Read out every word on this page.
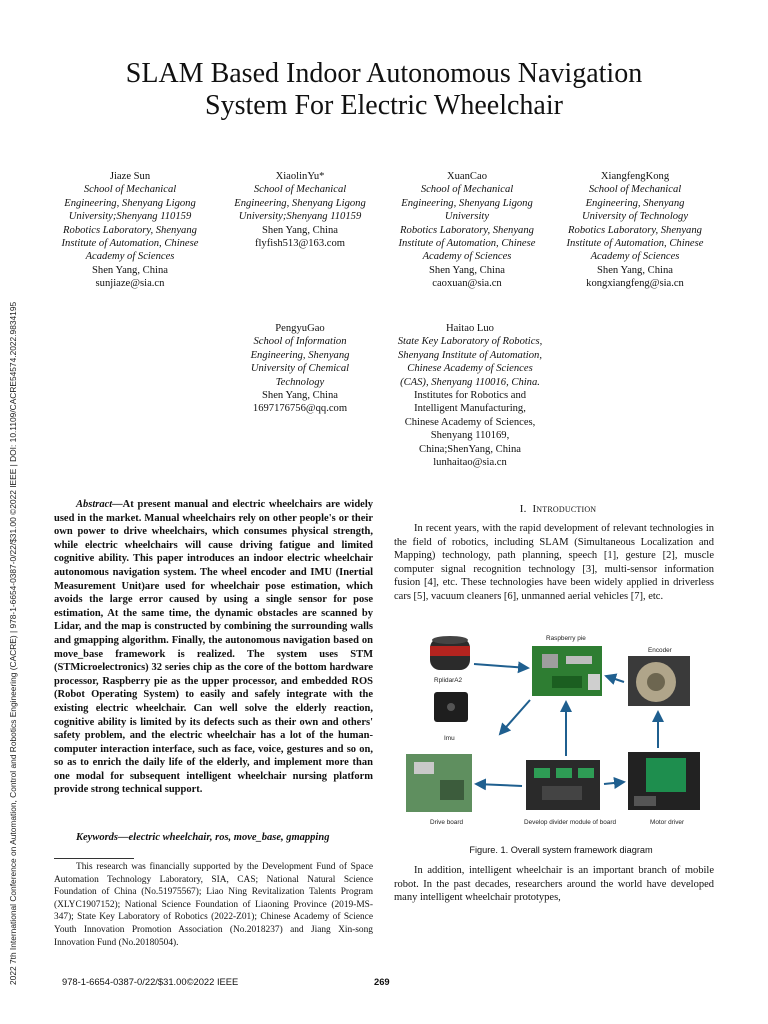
2022 7th International Conference on Automation, Control and Robotics Engineering (CACRE) | 978-1-6654-0387-0/22/$31.00 ©2022 IEEE | DOI: 10.1109/CACRE54574.2022.9834195
SLAM Based Indoor Autonomous Navigation
System For Electric Wheelchair
Jiaze Sun
School of Mechanical
Engineering, Shenyang Ligong
University;Shenyang 110159
Robotics Laboratory, Shenyang
Institute of Automation, Chinese
Academy of Sciences
Shen Yang, China
sunjiaze@sia.cn
XiaolinYu*
School of Mechanical
Engineering, Shenyang Ligong
University;Shenyang 110159
Shen Yang, China
flyfish513@163.com
XuanCao
School of Mechanical
Engineering, Shenyang Ligong
University
Robotics Laboratory, Shenyang
Institute of Automation, Chinese
Academy of Sciences
Shen Yang, China
caoxuan@sia.cn
XiangfengKong
School of Mechanical
Engineering, Shenyang
University of Technology
Robotics Laboratory, Shenyang
Institute of Automation, Chinese
Academy of Sciences
Shen Yang, China
kongxiangfeng@sia.cn
PengyuGao
School of Information
Engineering, Shenyang
University of Chemical
Technology
Shen Yang, China
1697176756@qq.com
Haitao Luo
State Key Laboratory of Robotics,
Shenyang Institute of Automation,
Chinese Academy of Sciences
(CAS), Shenyang 110016, China.
Institutes for Robotics and
Intelligent Manufacturing,
Chinese Academy of Sciences,
Shenyang 110169,
China;ShenYang, China
lunhaitao@sia.cn
Abstract—At present manual and electric wheelchairs are widely used in the market. Manual wheelchairs rely on other people's or their own power to drive wheelchairs, which consumes physical strength, while electric wheelchairs will cause driving fatigue and limited cognitive ability. This paper introduces an indoor electric wheelchair autonomous navigation system. The wheel encoder and IMU (Inertial Measurement Unit)are used for wheelchair pose estimation, which avoids the large error caused by using a single sensor for pose estimation, At the same time, the dynamic obstacles are scanned by Lidar, and the map is constructed by combining the surrounding walls and gmapping algorithm. Finally, the autonomous navigation based on move_base framework is realized. The system uses STM (STMicroelectronics) 32 series chip as the core of the bottom hardware processor, Raspberry pie as the upper processor, and embedded ROS (Robot Operating System) to easily and safely integrate with the existing electric wheelchair. Can well solve the elderly reaction, cognitive ability is limited by its defects such as their own and others' safety problem, and the electric wheelchair has a lot of the human-computer interaction interface, such as face, voice, gestures and so on, so as to enrich the daily life of the elderly, and implement more than one modal for subsequent intelligent wheelchair nursing platform provide strong technical support.
Keywords—electric wheelchair, ros, move_base, gmapping
This research was financially supported by the Development Fund of Space Automation Technology Laboratory, SIA, CAS; National Natural Science Foundation of China (No.51975567); Liao Ning Revitalization Talents Program (XLYC1907152); National Science Foundation of Liaoning Province (2019-MS-347); State Key Laboratory of Robotics (2022-Z01); Chinese Academy of Science Youth Innovation Promotion Association (No.2018237) and Jiang Xin-song Innovation Fund (No.20180504).
I. Introduction
In recent years, with the rapid development of relevant technologies in the field of robotics, including SLAM (Simultaneous Localization and Mapping) technology, path planning, speech [1], gesture [2], muscle computer signal recognition technology [3], multi-sensor information fusion [4], etc. These technologies have been widely applied in driverless cars [5], vacuum cleaners [6], unmanned aerial vehicles [7], etc.
RplidarA2
Imu
Raspberry pie
Encoder
Drive board	Develop divider module of board	Motor driver
Figure. 1. Overall system framework diagram
In addition, intelligent wheelchair is an important branch of mobile robot. In the past decades, researchers around the world have developed many intelligent wheelchair prototypes,
978-1-6654-0387-0/22/$31.00©2022 IEEE	269
